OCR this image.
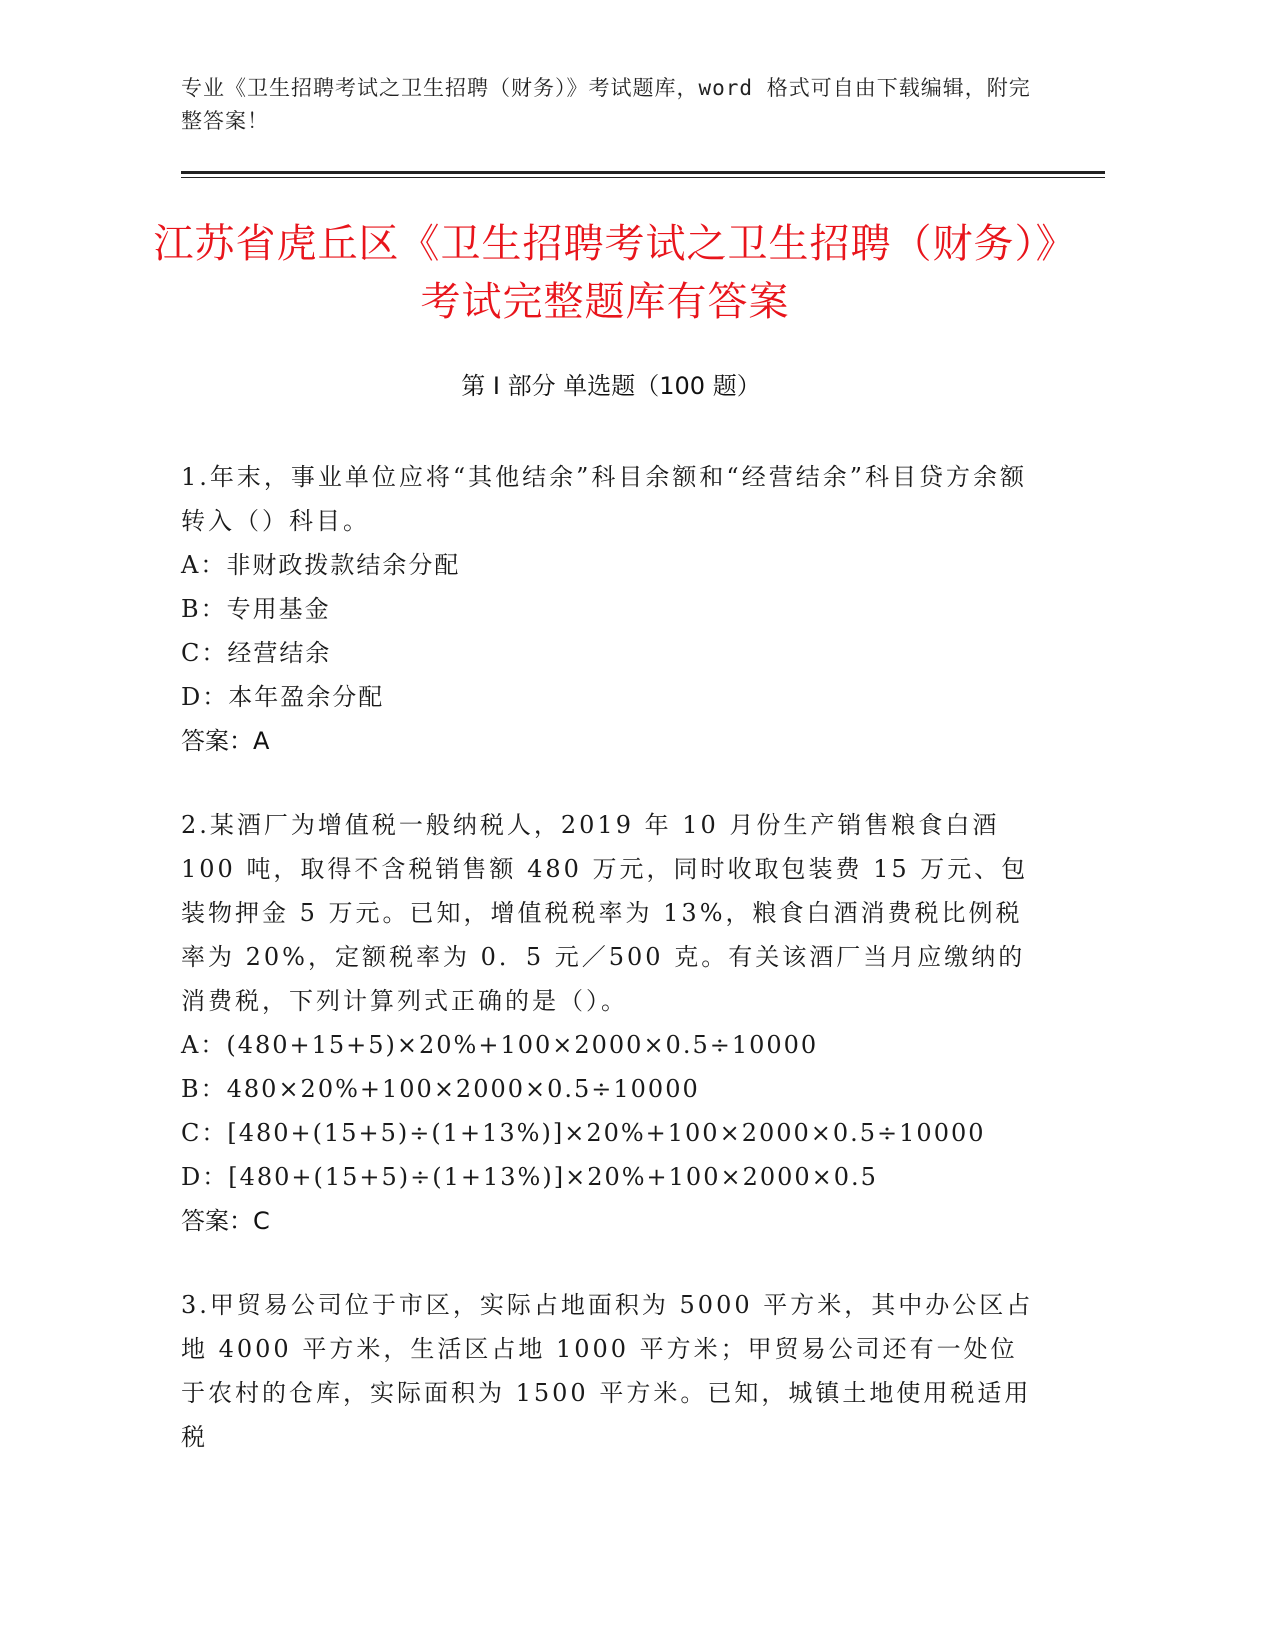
专业《卫生招聘考试之卫生招聘（财务）》考试题库，word 格式可自由下载编辑，附完整答案！
江苏省虎丘区《卫生招聘考试之卫生招聘（财务）》考试完整题库有答案
第 I 部分 单选题（100 题）
1.年末，事业单位应将“其他结余”科目余额和“经营结余”科目贷方余额转入（）科目。
A：非财政拨款结余分配
B：专用基金
C：经营结余
D：本年盈余分配
答案：A
2.某酒厂为增值税一般纳税人，2019 年 10 月份生产销售粮食白酒 100 吨，取得不含税销售额 480 万元，同时收取包装费 15 万元、包装物押金 5 万元。已知，增值税税率为 13%，粮食白酒消费税比例税率为 20%，定额税率为 0．5 元／500 克。有关该酒厂当月应缴纳的消费税，下列计算列式正确的是（）。
A：(480+15+5)×20%+100×2000×0.5÷10000
B：480×20%+100×2000×0.5÷10000
C：[480+(15+5)÷(1+13%)]×20%+100×2000×0.5÷10000
D：[480+(15+5)÷(1+13%)]×20%+100×2000×0.5
答案：C
3.甲贸易公司位于市区，实际占地面积为 5000 平方米，其中办公区占地 4000 平方米，生活区占地 1000 平方米；甲贸易公司还有一处位于农村的仓库，实际面积为 1500 平方米。已知，城镇土地使用税适用税
